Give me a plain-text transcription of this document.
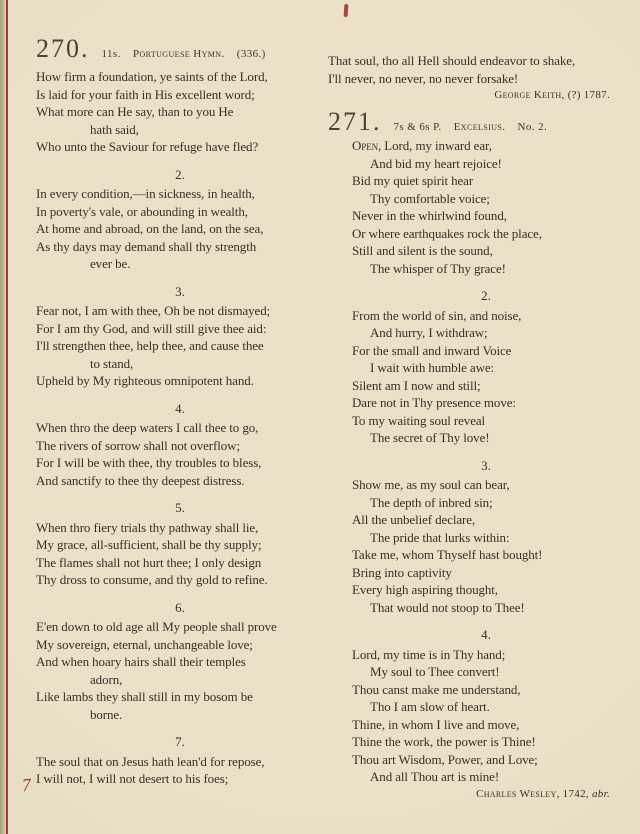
7
270. 11s. Portuguese Hymn. (336.)
How firm a foundation, ye saints of the Lord,
Is laid for your faith in His excellent word;
What more can He say, than to you He
hath said,
Who unto the Saviour for refuge have fled?
2.
In every condition,—in sickness, in health,
In poverty's vale, or abounding in wealth,
At home and abroad, on the land, on the sea,
As thy days may demand shall thy strength
ever be.
3.
Fear not, I am with thee, Oh be not dismayed;
For I am thy God, and will still give thee aid:
I'll strengthen thee, help thee, and cause thee
to stand,
Upheld by My righteous omnipotent hand.
4.
When thro the deep waters I call thee to go,
The rivers of sorrow shall not overflow;
For I will be with thee, thy troubles to bless,
And sanctify to thee thy deepest distress.
5.
When thro fiery trials thy pathway shall lie,
My grace, all-sufficient, shall be thy supply;
The flames shall not hurt thee; I only design
Thy dross to consume, and thy gold to refine.
6.
E'en down to old age all My people shall prove
My sovereign, eternal, unchangeable love;
And when hoary hairs shall their temples
adorn,
Like lambs they shall still in my bosom be
borne.
7.
The soul that on Jesus hath lean'd for repose,
I will not, I will not desert to his foes;
That soul, tho all Hell should endeavor to shake,
I'll never, no never, no never forsake!
George Keith, (?) 1787.
271. 7s & 6s P. Excelsius. No. 2.
Open, Lord, my inward ear,
And bid my heart rejoice!
Bid my quiet spirit hear
Thy comfortable voice;
Never in the whirlwind found,
Or where earthquakes rock the place,
Still and silent is the sound,
The whisper of Thy grace!
2.
From the world of sin, and noise,
And hurry, I withdraw;
For the small and inward Voice
I wait with humble awe:
Silent am I now and still;
Dare not in Thy presence move:
To my waiting soul reveal
The secret of Thy love!
3.
Show me, as my soul can bear,
The depth of inbred sin;
All the unbelief declare,
The pride that lurks within:
Take me, whom Thyself hast bought!
Bring into captivity
Every high aspiring thought,
That would not stoop to Thee!
4.
Lord, my time is in Thy hand;
My soul to Thee convert!
Thou canst make me understand,
Tho I am slow of heart.
Thine, in whom I live and move,
Thine the work, the power is Thine!
Thou art Wisdom, Power, and Love;
And all Thou art is mine!
Charles Wesley, 1742, abr.
